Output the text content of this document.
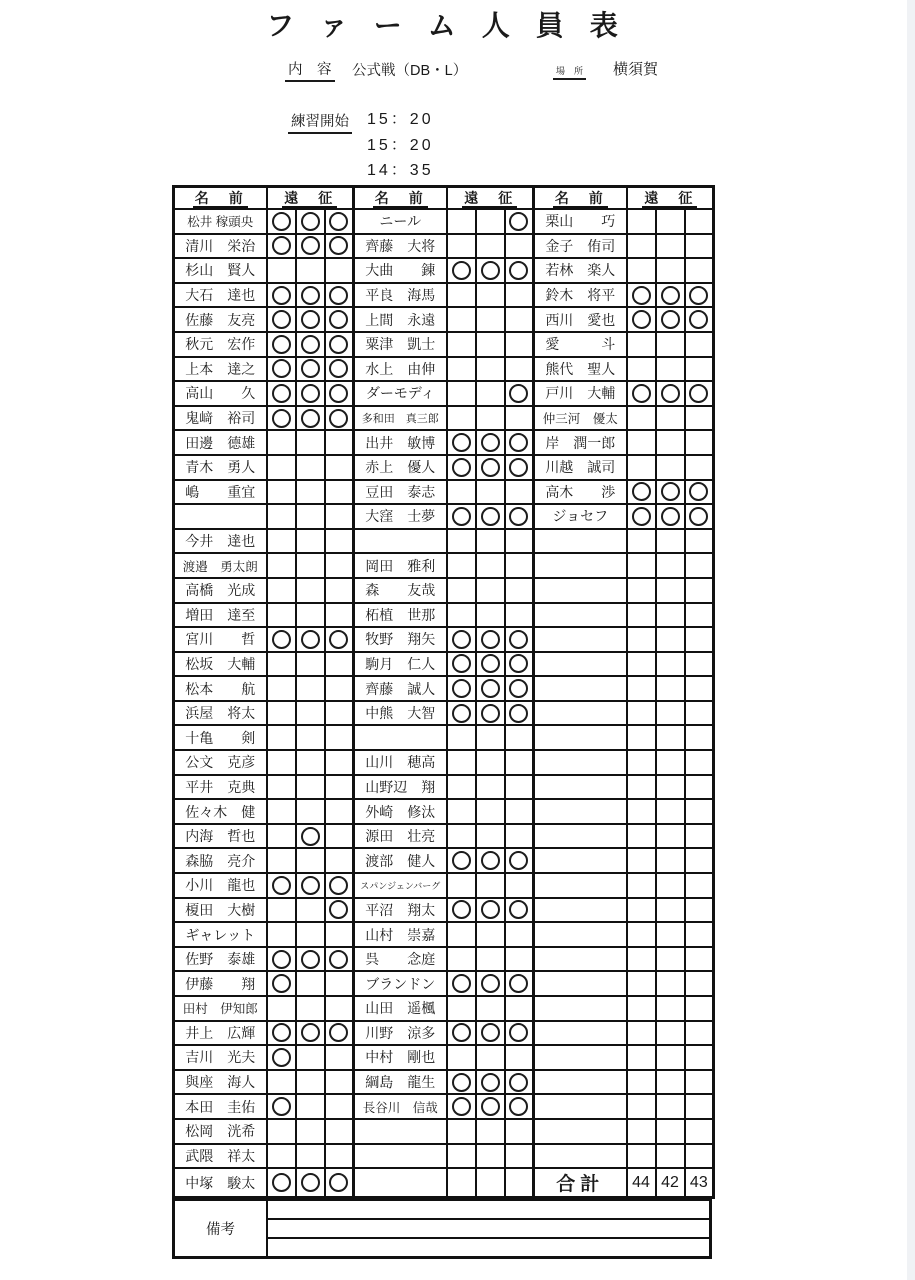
ファーム人員表
内　容 公式戦（DB・L）	場　所 横須賀
練習開始 15：20
15：20
14：35
名　前	遠　征			名　前	遠　征			名　前	遠　征		
松井 稼頭央				ニール				栗山　　巧			
清川　栄治				齊藤　大将				金子　侑司			
杉山　賢人				大曲　　錬				若林　楽人			
大石　達也				平良　海馬				鈴木　将平			
佐藤　友亮				上間　永遠				西川　愛也			
秋元　宏作				粟津　凱士				愛　　　斗			
上本　達之				水上　由伸				熊代　聖人			
高山　　久				ダーモディ				戸川　大輔			
鬼﨑　裕司				多和田　真三郎				仲三河　優太			
田邊　德雄				出井　敏博				岸　潤一郎			
青木　勇人				赤上　優人				川越　誠司			
嶋　　重宜				豆田　泰志				高木　　渉			
				大窪　士夢				ジョセフ			
今井　達也											
渡邉　勇太朗				岡田　雅利							
高橋　光成				森　　友哉							
増田　達至				柘植　世那							
宮川　　哲				牧野　翔矢							
松坂　大輔				駒月　仁人							
松本　　航				齊藤　誠人							
浜屋　将太				中熊　大智							
十亀　　剣											
公文　克彦				山川　穂高							
平井　克典				山野辺　翔							
佐々木　健				外崎　修汰							
内海　哲也				源田　壮亮							
森脇　亮介				渡部　健人							
小川　龍也				スパンジェンバーグ							
榎田　大樹				平沼　翔太							
ギャレット				山村　崇嘉							
佐野　泰雄				呉　　念庭							
伊藤　　翔				ブランドン							
田村　伊知郎				山田　遥楓							
井上　広輝				川野　涼多							
吉川　光夫				中村　剛也							
與座　海人				綱島　龍生							
本田　圭佑				長谷川　信哉							
松岡　洸希											
武隈　祥太											
中塚　駿太								合計	44	42	43
備考
